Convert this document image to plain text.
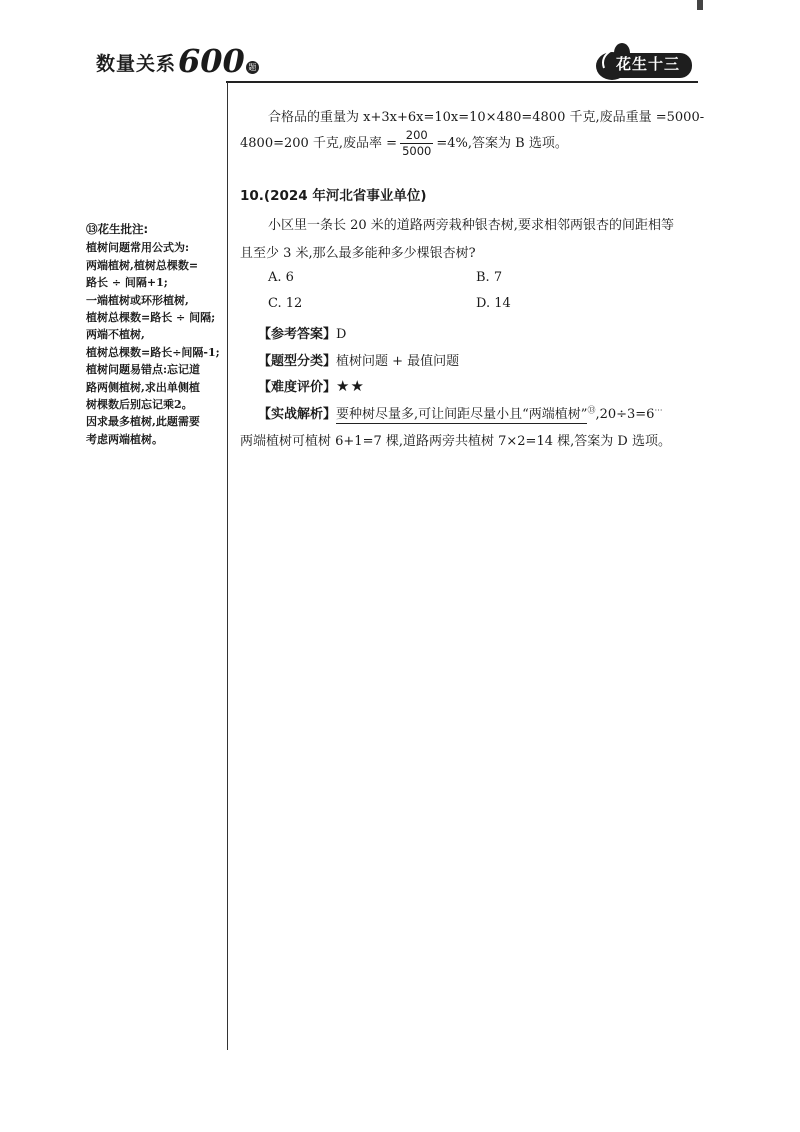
数量关系 600 题	花生十三
⑬花生批注:
植树问题常用公式为:
两端植树,植树总棵数=
路长 ÷ 间隔+1;
一端植树或环形植树,
植树总棵数=路长 ÷ 间隔;
两端不植树,
植树总棵数=路长÷间隔-1;
植树问题易错点:忘记道
路两侧植树,求出单侧植
树棵数后别忘记乘2。
因求最多植树,此题需要
考虑两端植树。
合格品的重量为 x+3x+6x=10x=10×480=4800 千克,废品重量 =5000-
4800=200 千克,废品率 = $\frac{200}{5000} =4\%$,答案为 B 选项。
10.(2024 年河北省事业单位)
小区里一条长 20 米的道路两旁栽种银杏树,要求相邻两银杏的间距相等
且至少 3 米,那么最多能种多少棵银杏树?
A. 6	B. 7
C. 12	D. 14
【参考答案】D
【题型分类】植树问题 + 最值问题
【难度评价】★★
【实战解析】要种树尽量多,可让间距尽量小且“两端植树”⑬,20÷3=6⋯
两端植树可植树 6+1=7 棵,道路两旁共植树 7×2=14 棵,答案为 D 选项。
